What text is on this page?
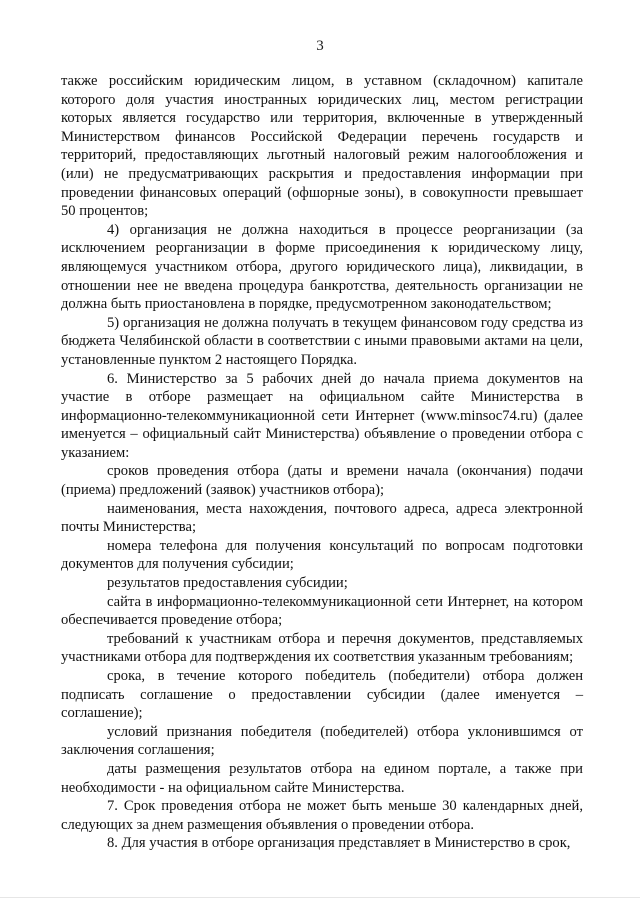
3

также российским юридическим лицом, в уставном (складочном) капитале которого доля участия иностранных юридических лиц, местом регистрации которых является государство или территория, включенные в утвержденный Министерством финансов Российской Федерации перечень государств и территорий, предоставляющих льготный налоговый режим налогообложения и (или) не предусматривающих раскрытия и предоставления информации при проведении финансовых операций (офшорные зоны), в совокупности превышает 50 процентов;

4) организация не должна находиться в процессе реорганизации (за исключением реорганизации в форме присоединения к юридическому лицу, являющемуся участником отбора, другого юридического лица), ликвидации, в отношении нее не введена процедура банкротства, деятельность организации не должна быть приостановлена в порядке, предусмотренном законодательством;

5) организация не должна получать в текущем финансовом году средства из бюджета Челябинской области в соответствии с иными правовыми актами на цели, установленные пунктом 2 настоящего Порядка.

6. Министерство за 5 рабочих дней до начала приема документов на участие в отборе размещает на официальном сайте Министерства в информационно-телекоммуникационной сети Интернет (www.minsoc74.ru) (далее именуется – официальный сайт Министерства) объявление о проведении отбора с указанием:

сроков проведения отбора (даты и времени начала (окончания) подачи (приема) предложений (заявок) участников отбора);

наименования, места нахождения, почтового адреса, адреса электронной почты Министерства;

номера телефона для получения консультаций по вопросам подготовки документов для получения субсидии;

результатов предоставления субсидии;

сайта в информационно-телекоммуникационной сети Интернет, на котором обеспечивается проведение отбора;

требований к участникам отбора и перечня документов, представляемых участниками отбора для подтверждения их соответствия указанным требованиям;

срока, в течение которого победитель (победители) отбора должен подписать соглашение о предоставлении субсидии (далее именуется – соглашение);

условий признания победителя (победителей) отбора уклонившимся от заключения соглашения;

даты размещения результатов отбора на едином портале, а также при необходимости - на официальном сайте Министерства.

7. Срок проведения отбора не может быть меньше 30 календарных дней, следующих за днем размещения объявления о проведении отбора.

8. Для участия в отборе организация представляет в Министерство в срок,
